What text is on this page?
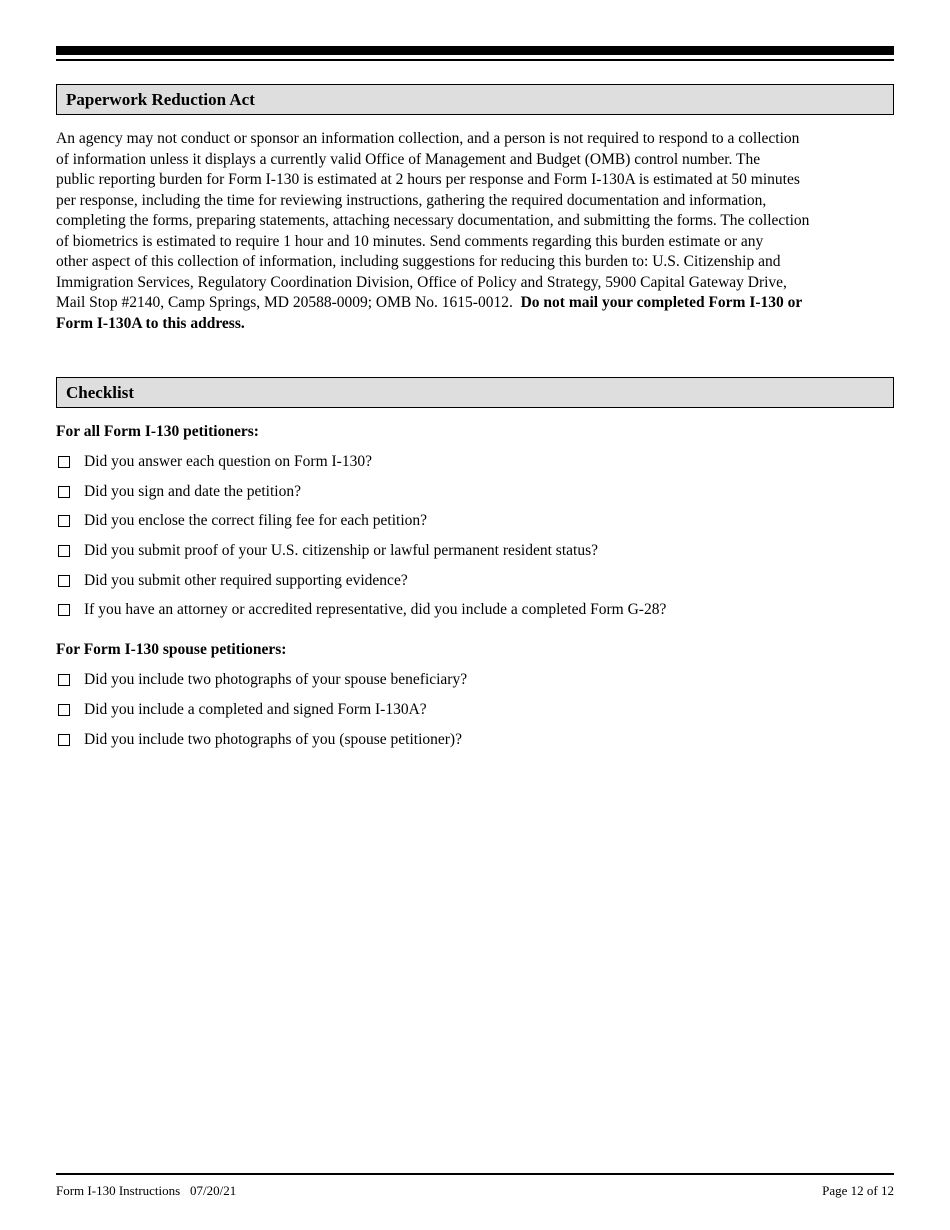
Paperwork Reduction Act
An agency may not conduct or sponsor an information collection, and a person is not required to respond to a collection
of information unless it displays a currently valid Office of Management and Budget (OMB) control number. The
public reporting burden for Form I-130 is estimated at 2 hours per response and Form I-130A is estimated at 50 minutes
per response, including the time for reviewing instructions, gathering the required documentation and information,
completing the forms, preparing statements, attaching necessary documentation, and submitting the forms. The collection
of biometrics is estimated to require 1 hour and 10 minutes. Send comments regarding this burden estimate or any
other aspect of this collection of information, including suggestions for reducing this burden to: U.S. Citizenship and
Immigration Services, Regulatory Coordination Division, Office of Policy and Strategy, 5900 Capital Gateway Drive,
Mail Stop #2140, Camp Springs, MD 20588-0009; OMB No. 1615-0012.  Do not mail your completed Form I-130 or
Form I-130A to this address.
Checklist
For all Form I-130 petitioners:
Did you answer each question on Form I-130?
Did you sign and date the petition?
Did you enclose the correct filing fee for each petition?
Did you submit proof of your U.S. citizenship or lawful permanent resident status?
Did you submit other required supporting evidence?
If you have an attorney or accredited representative, did you include a completed Form G-28?
For Form I-130 spouse petitioners:
Did you include two photographs of your spouse beneficiary?
Did you include a completed and signed Form I-130A?
Did you include two photographs of you (spouse petitioner)?
Form I-130 Instructions 07/20/21	Page 12 of 12
